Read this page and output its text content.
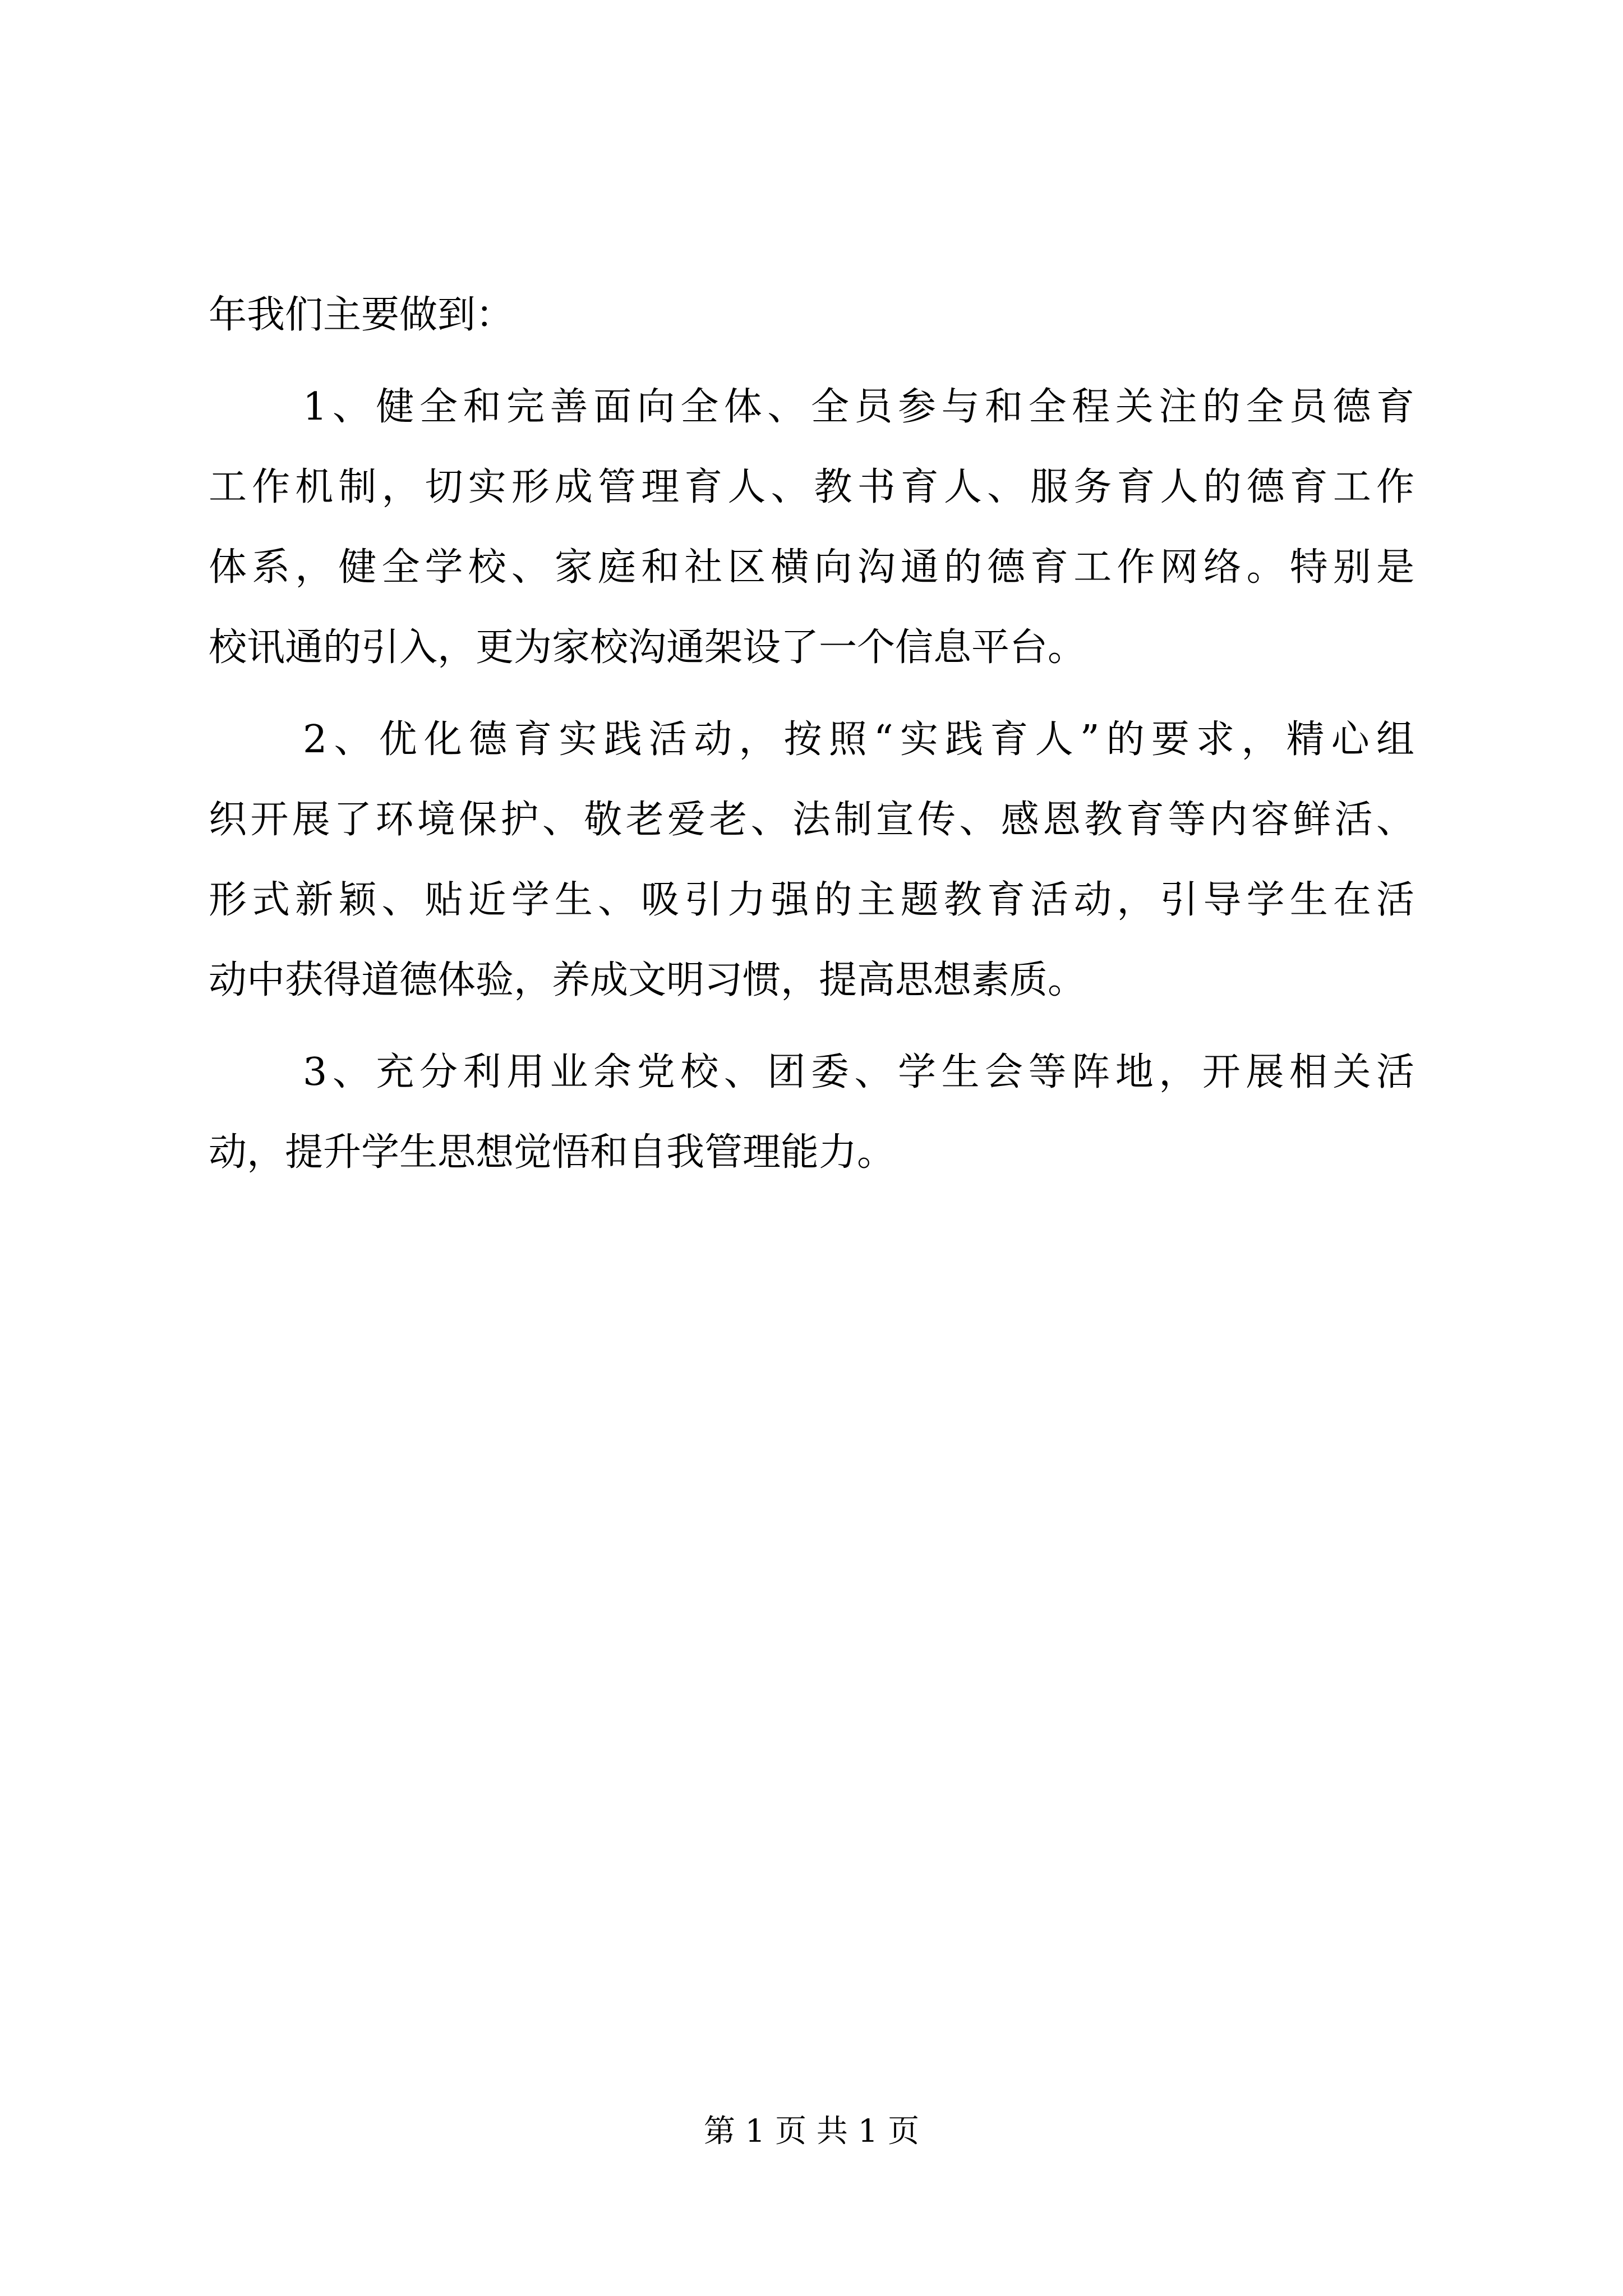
年我们主要做到：
1、健全和完善面向全体、全员参与和全程关注的全员德育
工作机制，切实形成管理育人、教书育人、服务育人的德育工作
体系，健全学校、家庭和社区横向沟通的德育工作网络。特别是
校讯通的引入，更为家校沟通架设了一个信息平台。
2、优化德育实践活动，按照“实践育人”的要求，精心组
织开展了环境保护、敬老爱老、法制宣传、感恩教育等内容鲜活、
形式新颖、贴近学生、吸引力强的主题教育活动，引导学生在活
动中获得道德体验，养成文明习惯，提高思想素质。
3、充分利用业余党校、团委、学生会等阵地，开展相关活
动，提升学生思想觉悟和自我管理能力。
第 1 页 共 1 页
